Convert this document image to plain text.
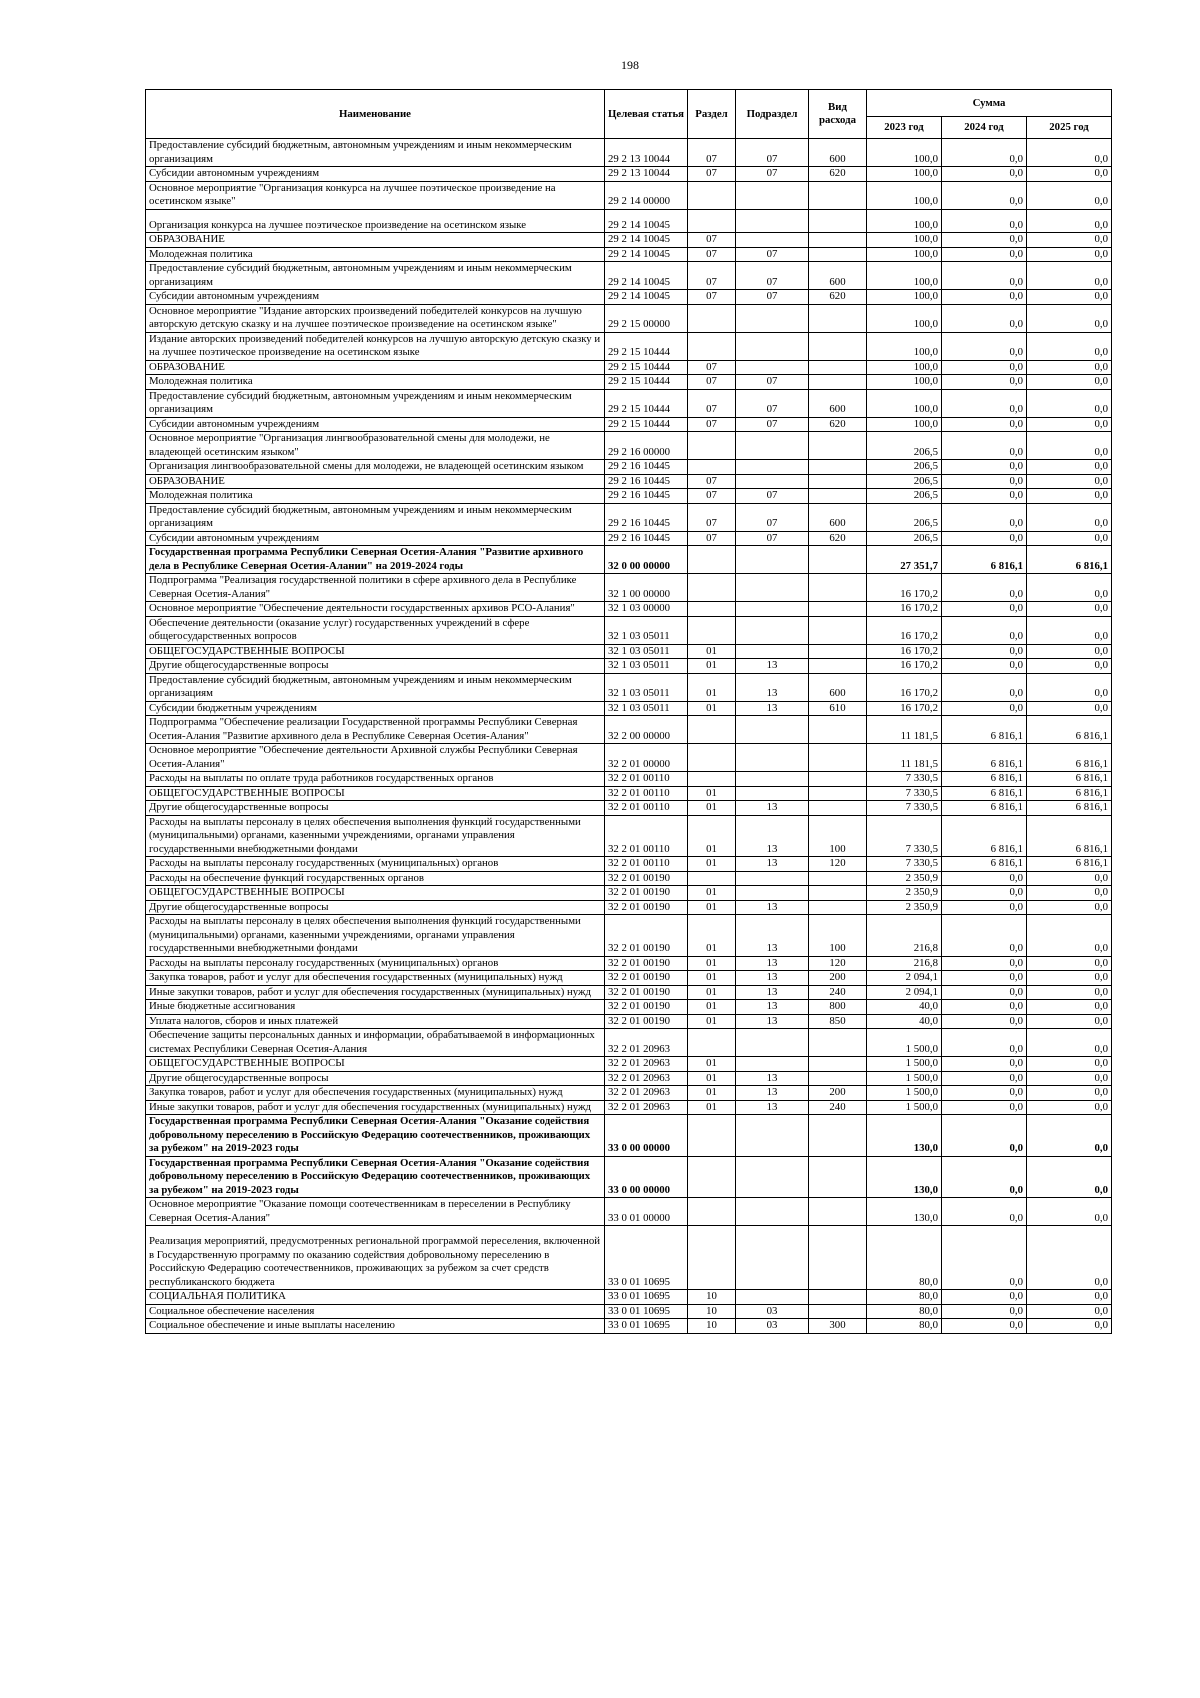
198
Наименование	Целевая статья	Раздел	Подраздел	Вид расхода	Сумма		
					2023 год	2024 год	2025 год
Предоставление субсидий бюджетным, автономным учреждениям и иным некоммерческим организациям	29 2 13 10044	07	07	600	100,0	0,0	0,0
Субсидии автономным учреждениям	29 2 13 10044	07	07	620	100,0	0,0	0,0
Основное мероприятие "Организация конкурса на лучшее поэтическое произведение на осетинском языке"	29 2 14 00000				100,0	0,0	0,0
Организация конкурса на лучшее поэтическое произведение на осетинском языке	29 2 14 10045				100,0	0,0	0,0
ОБРАЗОВАНИЕ	29 2 14 10045	07			100,0	0,0	0,0
Молодежная политика	29 2 14 10045	07	07		100,0	0,0	0,0
Предоставление субсидий бюджетным, автономным учреждениям и иным некоммерческим организациям	29 2 14 10045	07	07	600	100,0	0,0	0,0
Субсидии автономным учреждениям	29 2 14 10045	07	07	620	100,0	0,0	0,0
Основное мероприятие "Издание авторских произведений победителей конкурсов на лучшую авторскую детскую сказку и на лучшее поэтическое произведение на осетинском языке"	29 2 15 00000				100,0	0,0	0,0
Издание авторских произведений победителей конкурсов на лучшую авторскую детскую сказку и на лучшее поэтическое произведение на осетинском языке	29 2 15 10444				100,0	0,0	0,0
ОБРАЗОВАНИЕ	29 2 15 10444	07			100,0	0,0	0,0
Молодежная политика	29 2 15 10444	07	07		100,0	0,0	0,0
Предоставление субсидий бюджетным, автономным учреждениям и иным некоммерческим организациям	29 2 15 10444	07	07	600	100,0	0,0	0,0
Субсидии автономным учреждениям	29 2 15 10444	07	07	620	100,0	0,0	0,0
Основное мероприятие "Организация лингвообразовательной смены для молодежи, не владеющей осетинским языком"	29 2 16 00000				206,5	0,0	0,0
Организация лингвообразовательной смены для молодежи, не владеющей осетинским языком	29 2 16 10445				206,5	0,0	0,0
ОБРАЗОВАНИЕ	29 2 16 10445	07			206,5	0,0	0,0
Молодежная политика	29 2 16 10445	07	07		206,5	0,0	0,0
Предоставление субсидий бюджетным, автономным учреждениям и иным некоммерческим организациям	29 2 16 10445	07	07	600	206,5	0,0	0,0
Субсидии автономным учреждениям	29 2 16 10445	07	07	620	206,5	0,0	0,0
Государственная программа Республики Северная Осетия-Алания "Развитие архивного дела в Республике Северная Осетия-Алании" на 2019-2024 годы	32 0 00 00000				27 351,7	6 816,1	6 816,1
Подпрограмма "Реализация государственной политики в сфере архивного дела в Республике Северная Осетия-Алания"	32 1 00 00000				16 170,2	0,0	0,0
Основное мероприятие "Обеспечение деятельности государственных архивов РСО-Алания"	32 1 03 00000				16 170,2	0,0	0,0
Обеспечение деятельности (оказание услуг) государственных учреждений в сфере общегосударственных вопросов	32 1 03 05011				16 170,2	0,0	0,0
ОБЩЕГОСУДАРСТВЕННЫЕ ВОПРОСЫ	32 1 03 05011	01			16 170,2	0,0	0,0
Другие общегосударственные вопросы	32 1 03 05011	01	13		16 170,2	0,0	0,0
Предоставление субсидий бюджетным, автономным учреждениям и иным некоммерческим организациям	32 1 03 05011	01	13	600	16 170,2	0,0	0,0
Субсидии бюджетным учреждениям	32 1 03 05011	01	13	610	16 170,2	0,0	0,0
Подпрограмма "Обеспечение реализации Государственной программы Республики Северная Осетия-Алания "Развитие архивного дела в Республике Северная Осетия-Алания"	32 2 00 00000				11 181,5	6 816,1	6 816,1
Основное мероприятие "Обеспечение деятельности Архивной службы Республики Северная Осетия-Алания"	32 2 01 00000				11 181,5	6 816,1	6 816,1
Расходы на выплаты по оплате труда работников государственных органов	32 2 01 00110				7 330,5	6 816,1	6 816,1
ОБЩЕГОСУДАРСТВЕННЫЕ ВОПРОСЫ	32 2 01 00110	01			7 330,5	6 816,1	6 816,1
Другие общегосударственные вопросы	32 2 01 00110	01	13		7 330,5	6 816,1	6 816,1
Расходы на выплаты персоналу в целях обеспечения выполнения функций государственными (муниципальными) органами, казенными учреждениями, органами управления государственными внебюджетными фондами	32 2 01 00110	01	13	100	7 330,5	6 816,1	6 816,1
Расходы на выплаты персоналу государственных (муниципальных) органов	32 2 01 00110	01	13	120	7 330,5	6 816,1	6 816,1
Расходы на обеспечение функций государственных органов	32 2 01 00190				2 350,9	0,0	0,0
ОБЩЕГОСУДАРСТВЕННЫЕ ВОПРОСЫ	32 2 01 00190	01			2 350,9	0,0	0,0
Другие общегосударственные вопросы	32 2 01 00190	01	13		2 350,9	0,0	0,0
Расходы на выплаты персоналу в целях обеспечения выполнения функций государственными (муниципальными) органами, казенными учреждениями, органами управления государственными внебюджетными фондами	32 2 01 00190	01	13	100	216,8	0,0	0,0
Расходы на выплаты персоналу государственных (муниципальных) органов	32 2 01 00190	01	13	120	216,8	0,0	0,0
Закупка товаров, работ и услуг для обеспечения государственных (муниципальных) нужд	32 2 01 00190	01	13	200	2 094,1	0,0	0,0
Иные закупки товаров, работ и услуг для обеспечения государственных (муниципальных) нужд	32 2 01 00190	01	13	240	2 094,1	0,0	0,0
Иные бюджетные ассигнования	32 2 01 00190	01	13	800	40,0	0,0	0,0
Уплата налогов, сборов и иных платежей	32 2 01 00190	01	13	850	40,0	0,0	0,0
Обеспечение защиты персональных данных и информации, обрабатываемой в информационных системах Республики Северная Осетия-Алания	32 2 01 20963				1 500,0	0,0	0,0
ОБЩЕГОСУДАРСТВЕННЫЕ ВОПРОСЫ	32 2 01 20963	01			1 500,0	0,0	0,0
Другие общегосударственные вопросы	32 2 01 20963	01	13		1 500,0	0,0	0,0
Закупка товаров, работ и услуг для обеспечения государственных (муниципальных) нужд	32 2 01 20963	01	13	200	1 500,0	0,0	0,0
Иные закупки товаров, работ и услуг для обеспечения государственных (муниципальных) нужд	32 2 01 20963	01	13	240	1 500,0	0,0	0,0
Государственная программа Республики Северная Осетия-Алания "Оказание содействия добровольному переселению в Российскую Федерацию соотечественников, проживающих за рубежом" на 2019-2023 годы	33 0 00 00000				130,0	0,0	0,0
Государственная программа Республики Северная Осетия-Алания "Оказание содействия добровольному переселению в Российскую Федерацию соотечественников, проживающих за рубежом" на 2019-2023 годы	33 0 00 00000				130,0	0,0	0,0
Основное мероприятие "Оказание помощи соотечественникам в переселении в Республику Северная Осетия-Алания"	33 0 01 00000				130,0	0,0	0,0
Реализация мероприятий, предусмотренных региональной программой переселения, включенной в Государственную программу по оказанию содействия добровольному переселению в Российскую Федерацию соотечественников, проживающих за рубежом за счет средств республиканского бюджета	33 0 01 10695				80,0	0,0	0,0
СОЦИАЛЬНАЯ ПОЛИТИКА	33 0 01 10695	10			80,0	0,0	0,0
Социальное обеспечение населения	33 0 01 10695	10	03		80,0	0,0	0,0
Социальное обеспечение и иные выплаты населению	33 0 01 10695	10	03	300	80,0	0,0	0,0
